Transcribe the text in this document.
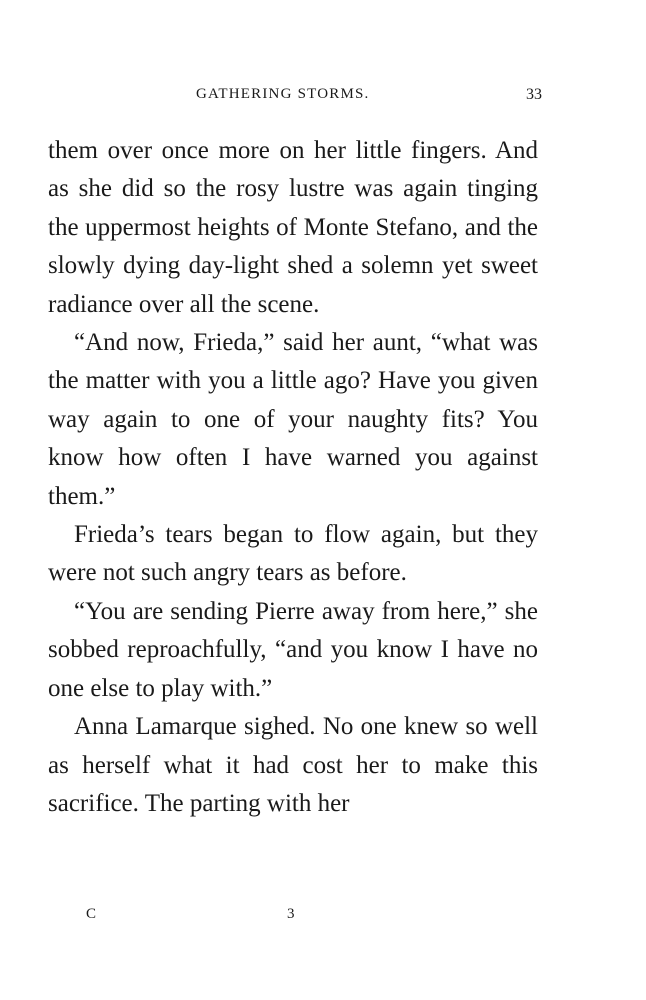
GATHERING STORMS.	33

them over once more on her little fingers. And as she did so the rosy lustre was again tinging the uppermost heights of Monte Stefano, and the slowly dying day-light shed a solemn yet sweet radiance over all the scene.

“And now, Frieda,” said her aunt, “what was the matter with you a little ago? Have you given way again to one of your naughty fits? You know how often I have warned you against them.”

Frieda’s tears began to flow again, but they were not such angry tears as before.

“You are sending Pierre away from here,” she sobbed reproachfully, “and you know I have no one else to play with.”

Anna Lamarque sighed. No one knew so well as herself what it had cost her to make this sacrifice. The parting with her

C	3
